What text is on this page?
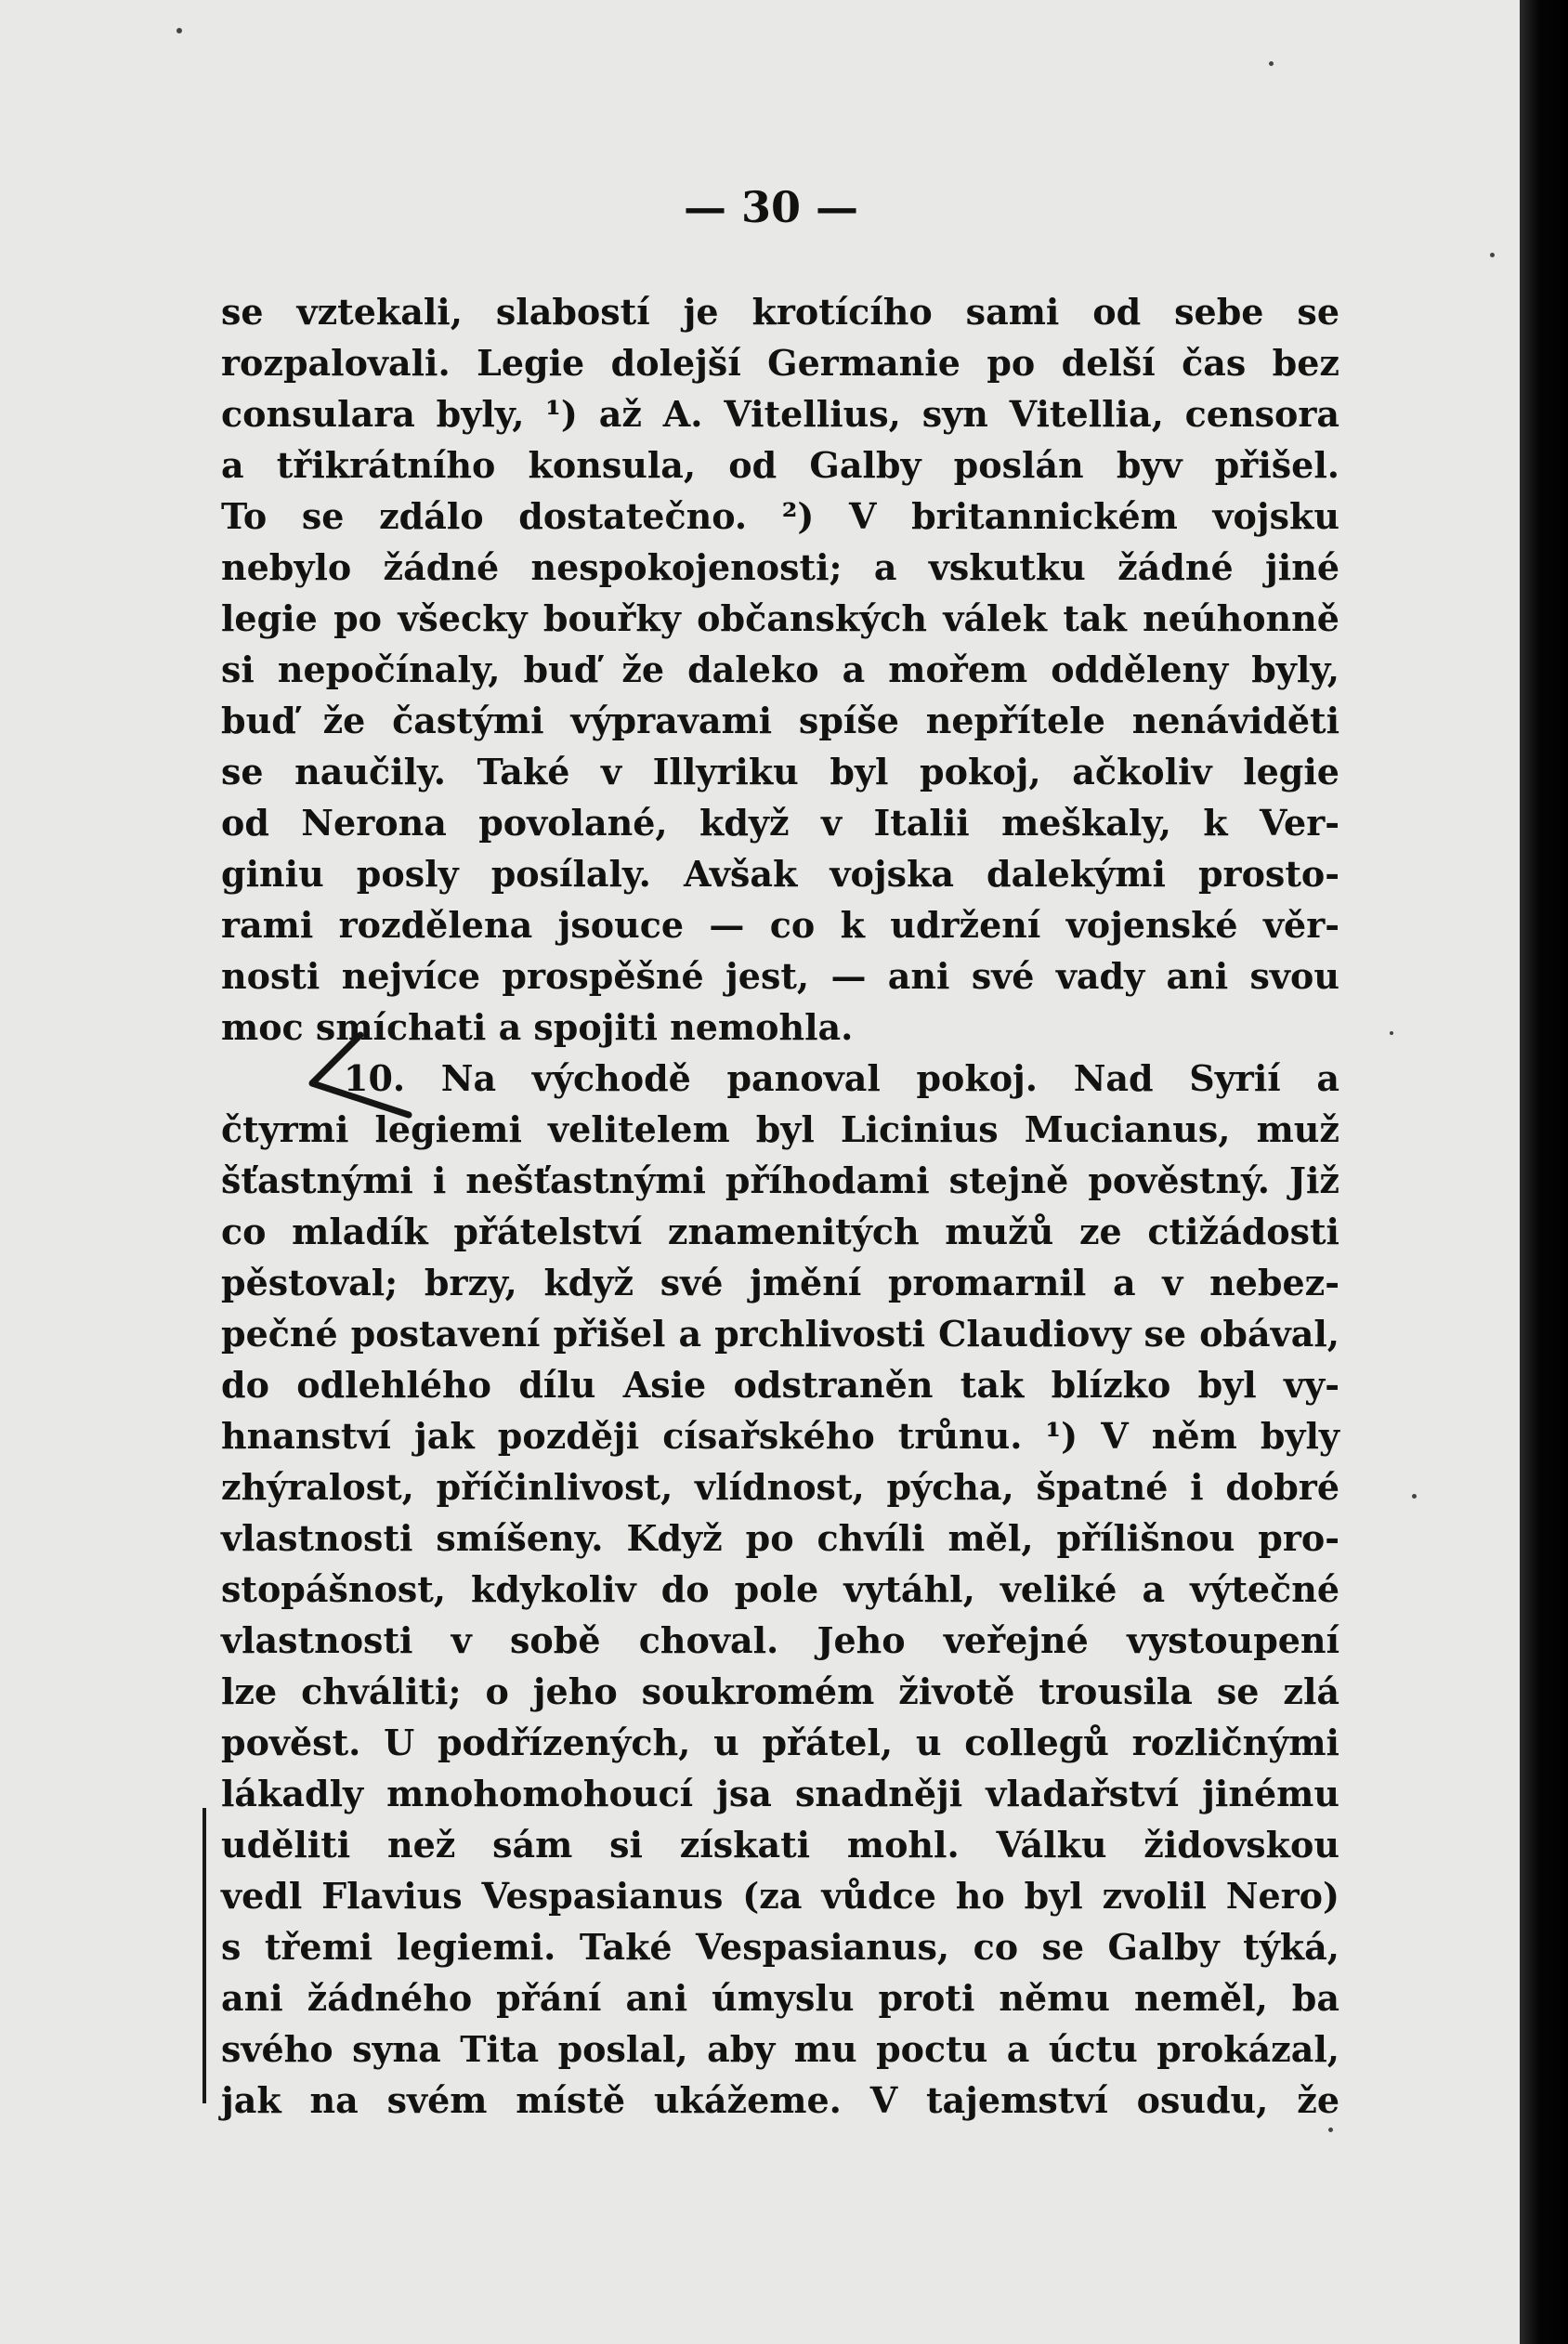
— 30 —
se vztekali, slabostí je krotícího sami od sebe se
rozpalovali. Legie dolejší Germanie po delší čas bez
consulara byly, ¹) až A. Vitellius, syn Vitellia, censora
a třikrátního konsula, od Galby poslán byv přišel.
To se zdálo dostatečno. ²) V britannickém vojsku
nebylo žádné nespokojenosti; a vskutku žádné jiné
legie po všecky bouřky občanských válek tak neúhonně
si nepočínaly, buď že daleko a mořem odděleny byly,
buď že častými výpravami spíše nepřítele nenáviděti
se naučily. Také v Illyriku byl pokoj, ačkoliv legie
od Nerona povolané, když v Italii meškaly, k Ver-
giniu posly posílaly. Avšak vojska dalekými prosto-
rami rozdělena jsouce — co k udržení vojenské věr-
nosti nejvíce prospěšné jest, — ani své vady ani svou
moc smíchati a spojiti nemohla.
10. Na východě panoval pokoj. Nad Syrií a
čtyrmi legiemi velitelem byl Licinius Mucianus, muž
šťastnými i nešťastnými příhodami stejně pověstný. Již
co mladík přátelství znamenitých mužů ze ctižádosti
pěstoval; brzy, když své jmění promarnil a v nebez-
pečné postavení přišel a prchlivosti Claudiovy se obával,
do odlehlého dílu Asie odstraněn tak blízko byl vy-
hnanství jak později císařského trůnu. ¹) V něm byly
zhýralost, příčinlivost, vlídnost, pýcha, špatné i dobré
vlastnosti smíšeny. Když po chvíli měl, přílišnou pro-
stopášnost, kdykoliv do pole vytáhl, veliké a výtečné
vlastnosti v sobě choval. Jeho veřejné vystoupení
lze chváliti; o jeho soukromém životě trousila se zlá
pověst. U podřízených, u přátel, u collegů rozličnými
lákadly mnohomohoucí jsa snadněji vladařství jinému
uděliti než sám si získati mohl. Válku židovskou
vedl Flavius Vespasianus (za vůdce ho byl zvolil Nero)
s třemi legiemi. Také Vespasianus, co se Galby týká,
ani žádného přání ani úmyslu proti němu neměl, ba
svého syna Tita poslal, aby mu poctu a úctu prokázal,
jak na svém místě ukážeme. V tajemství osudu, že
